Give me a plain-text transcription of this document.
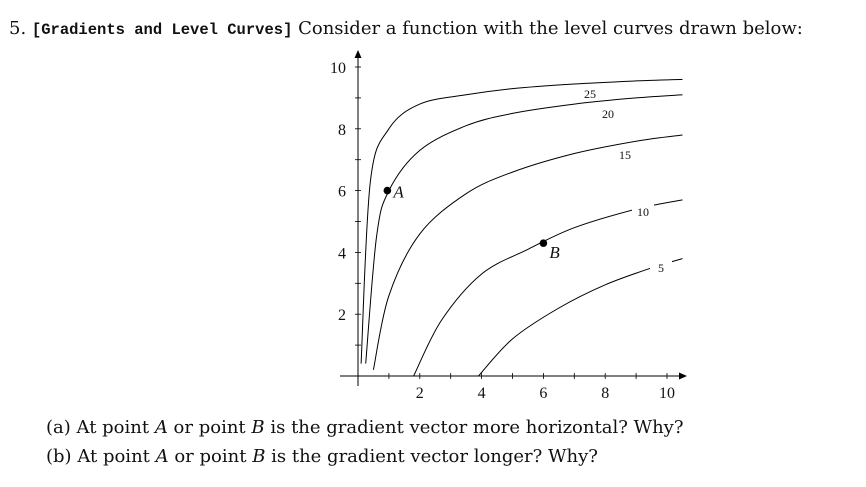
5. [Gradients and Level Curves] Consider a function with the level curves drawn below:
2	4	6	8	10
2
4
6
8
10
25
20
15
10
5
A
B
(a) At point A or point B is the gradient vector more horizontal? Why?
(b) At point A or point B is the gradient vector longer? Why?
